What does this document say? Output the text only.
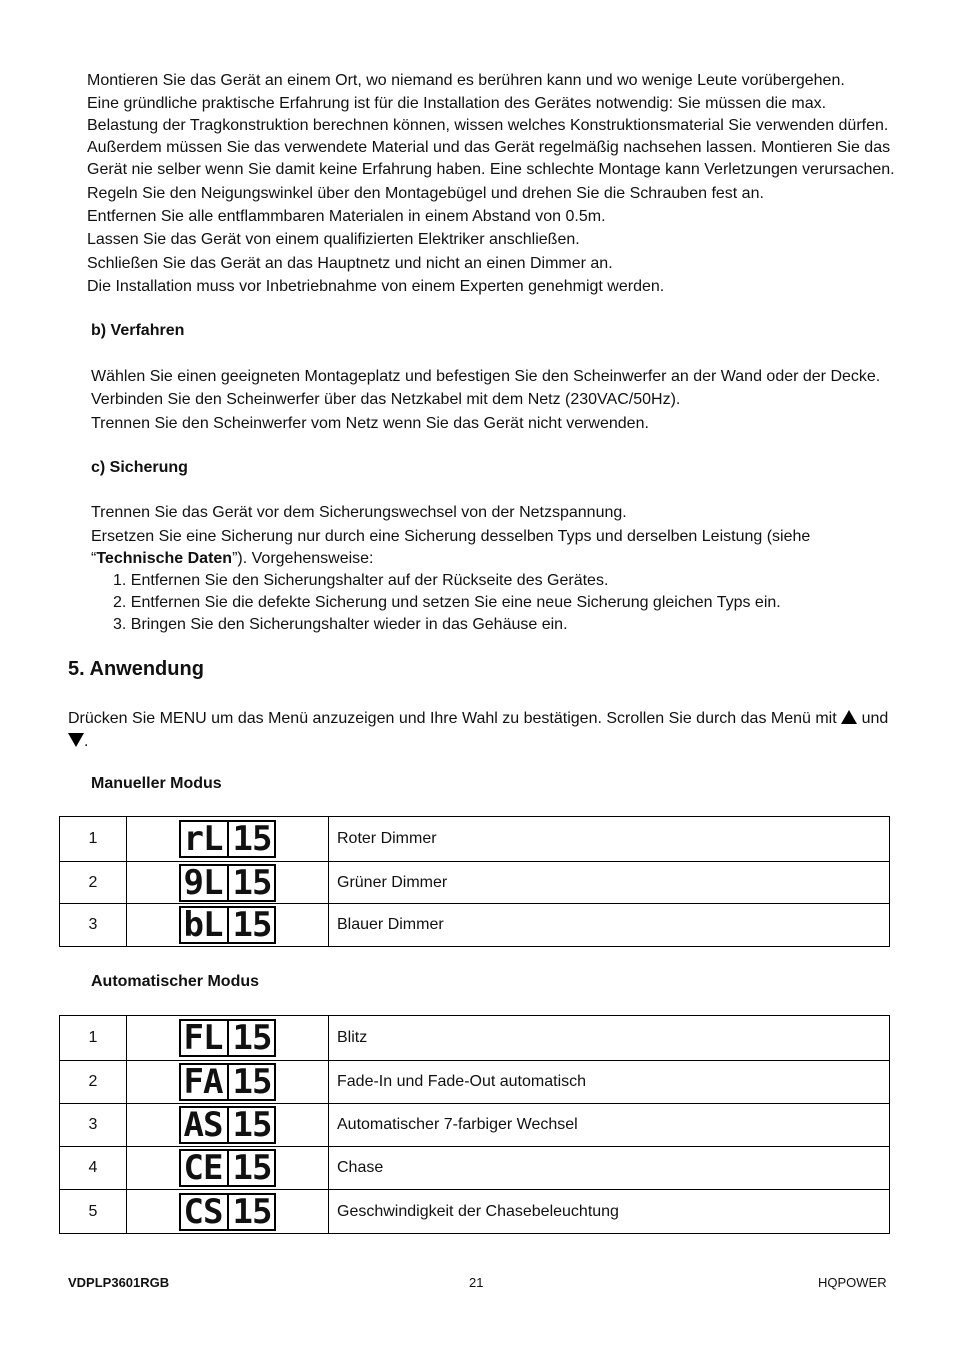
Montieren Sie das Gerät an einem Ort, wo niemand es berühren kann und wo wenige Leute vorübergehen.
Eine gründliche praktische Erfahrung ist für die Installation des Gerätes notwendig: Sie müssen die max.
Belastung der Tragkonstruktion berechnen können, wissen welches Konstruktionsmaterial Sie verwenden dürfen.
Außerdem müssen Sie das verwendete Material und das Gerät regelmäßig nachsehen lassen. Montieren Sie das
Gerät nie selber wenn Sie damit keine Erfahrung haben. Eine schlechte Montage kann Verletzungen verursachen.
Regeln Sie den Neigungswinkel über den Montagebügel und drehen Sie die Schrauben fest an.
Entfernen Sie alle entflammbaren Materialen in einem Abstand von 0.5m.
Lassen Sie das Gerät von einem qualifizierten Elektriker anschließen.
Schließen Sie das Gerät an das Hauptnetz und nicht an einen Dimmer an.
Die Installation muss vor Inbetriebnahme von einem Experten genehmigt werden.
b) Verfahren
Wählen Sie einen geeigneten Montageplatz und befestigen Sie den Scheinwerfer an der Wand oder der Decke.
Verbinden Sie den Scheinwerfer über das Netzkabel mit dem Netz (230VAC/50Hz).
Trennen Sie den Scheinwerfer vom Netz wenn Sie das Gerät nicht verwenden.
c) Sicherung
Trennen Sie das Gerät vor dem Sicherungswechsel von der Netzspannung.
Ersetzen Sie eine Sicherung nur durch eine Sicherung desselben Typs und derselben Leistung (siehe
“Technische Daten”). Vorgehensweise:
1. Entfernen Sie den Sicherungshalter auf der Rückseite des Gerätes.
2. Entfernen Sie die defekte Sicherung und setzen Sie eine neue Sicherung gleichen Typs ein.
3. Bringen Sie den Sicherungshalter wieder in das Gehäuse ein.
5. Anwendung
Drücken Sie MENU um das Menü anzuzeigen und Ihre Wahl zu bestätigen. Scrollen Sie durch das Menü mit und
.
Manueller Modus
1	rL 15	Roter Dimmer
2	9L 15	Grüner Dimmer
3	bL 15	Blauer Dimmer
Automatischer Modus
1	FL 15	Blitz
2	FA 15	Fade-In und Fade-Out automatisch
3	AS 15	Automatischer 7-farbiger Wechsel
4	CE 15	Chase
5	CS 15	Geschwindigkeit der Chasebeleuchtung
VDPLP3601RGB	21	HQPOWER
